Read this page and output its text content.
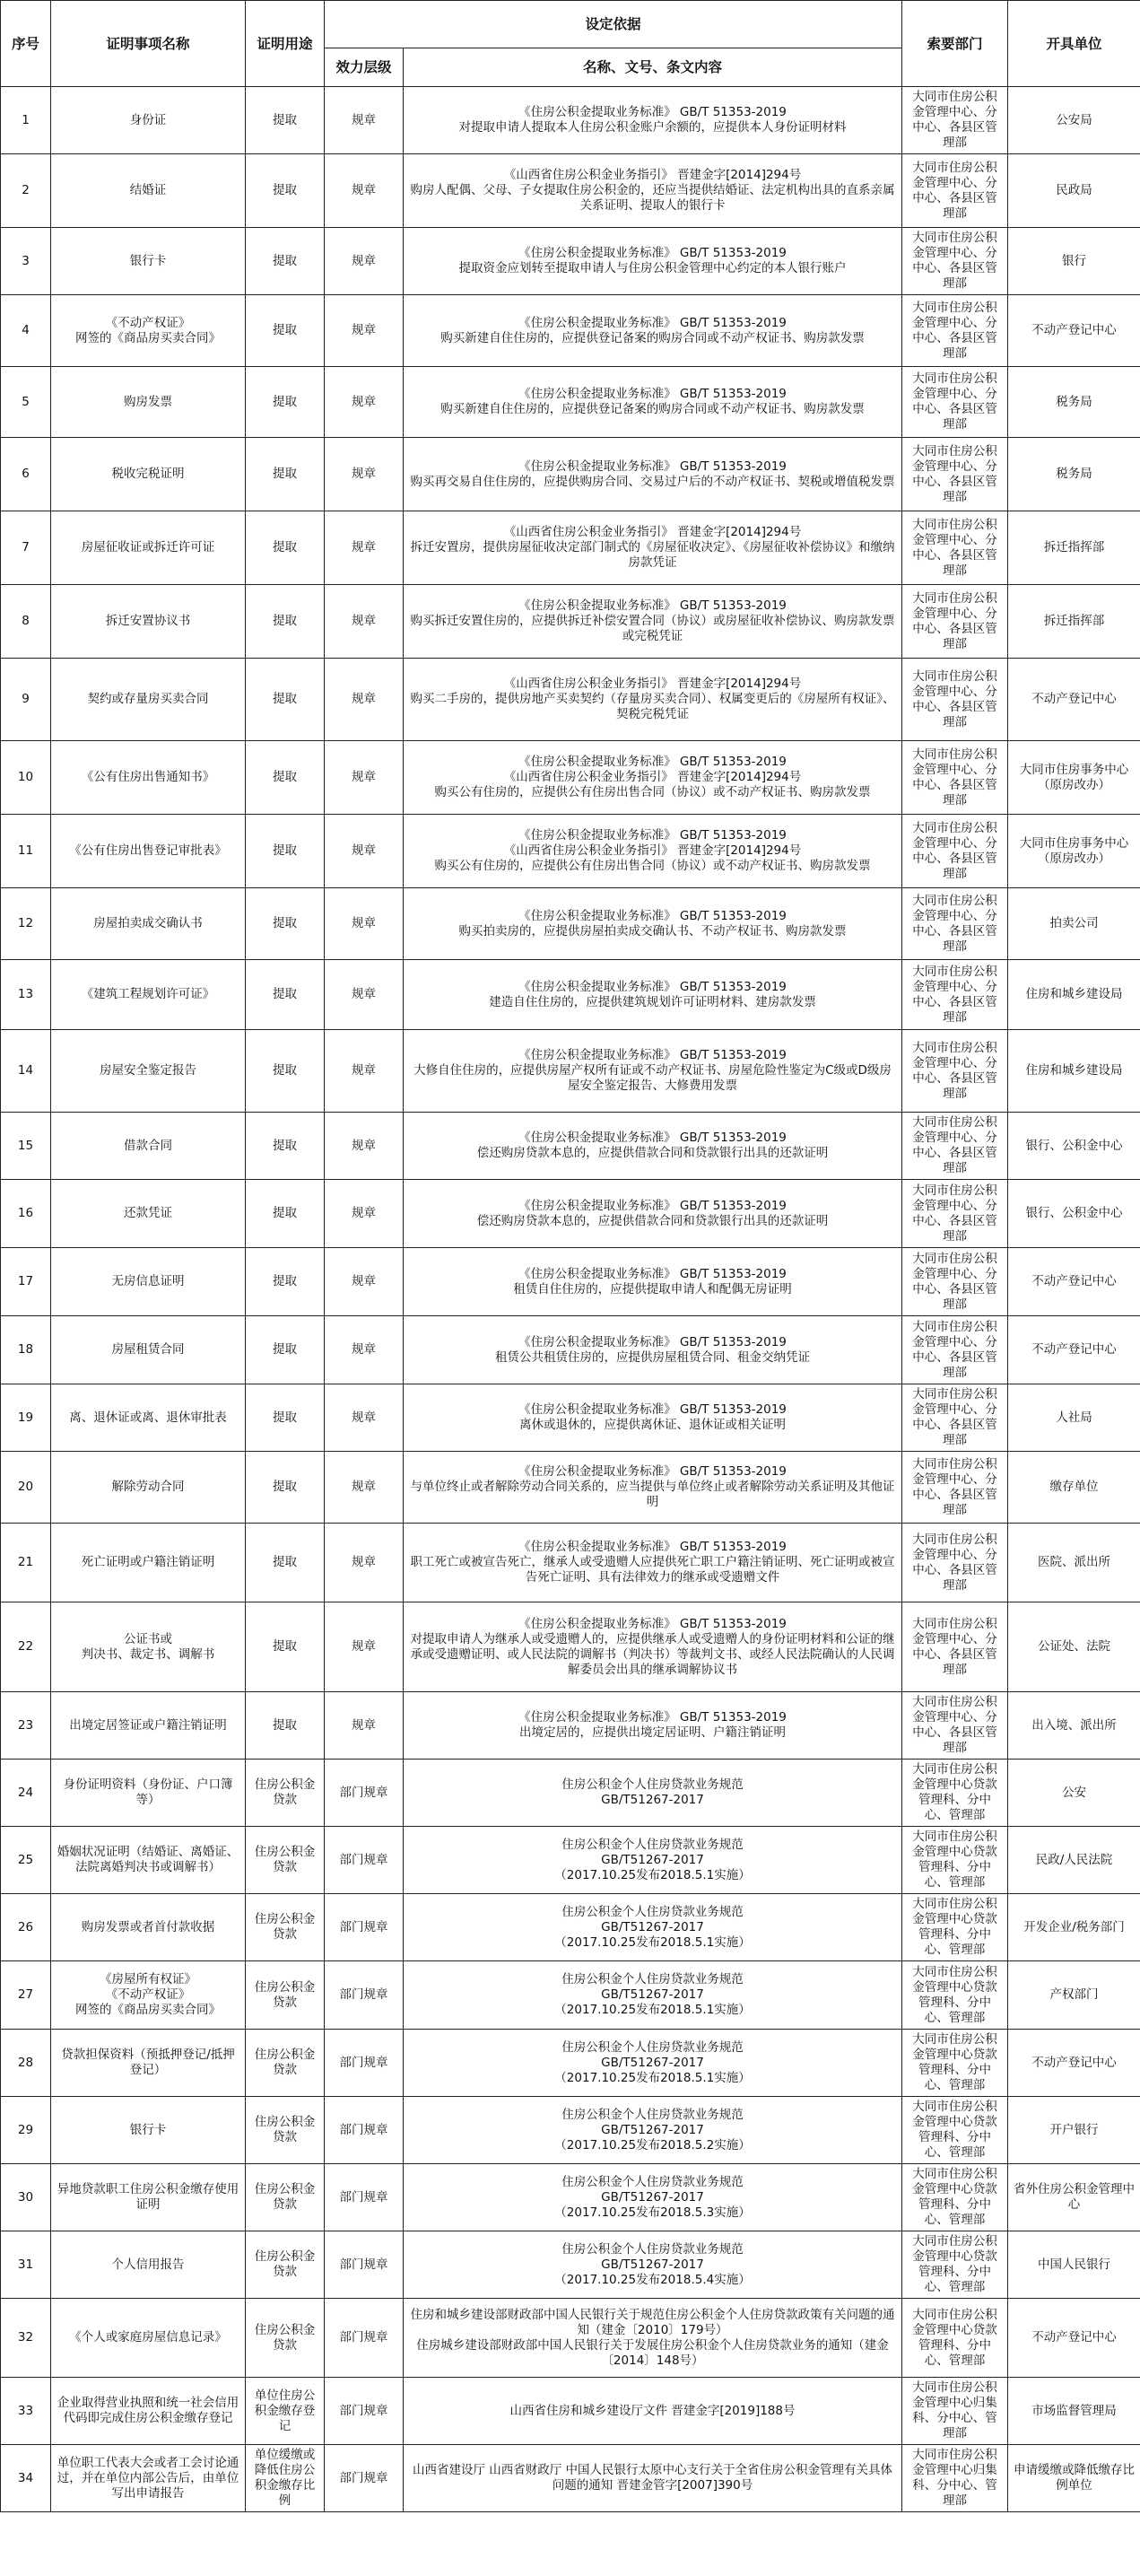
序号	证明事项名称	证明用途	设定依据		索要部门	开具单位
			效力层级	名称、文号、条文内容		
1	身份证	提取	规章	《住房公积金提取业务标准》 GB/T 51353-2019
对提取申请人提取本人住房公积金账户余额的，应提供本人身份证明材料	大同市住房公积金管理中心、分中心、各县区管理部	公安局
2	结婚证	提取	规章	《山西省住房公积金业务指引》 晋建金字[2014]294号
购房人配偶、父母、子女提取住房公积金的，还应当提供结婚证、法定机构出具的直系亲属关系证明、提取人的银行卡	大同市住房公积金管理中心、分中心、各县区管理部	民政局
3	银行卡	提取	规章	《住房公积金提取业务标准》 GB/T 51353-2019
提取资金应划转至提取申请人与住房公积金管理中心约定的本人银行账户	大同市住房公积金管理中心、分中心、各县区管理部	银行
4	《不动产权证》
网签的《商品房买卖合同》	提取	规章	《住房公积金提取业务标准》 GB/T 51353-2019
购买新建自住住房的，应提供登记备案的购房合同或不动产权证书、购房款发票	大同市住房公积金管理中心、分中心、各县区管理部	不动产登记中心
5	购房发票	提取	规章	《住房公积金提取业务标准》 GB/T 51353-2019
购买新建自住住房的，应提供登记备案的购房合同或不动产权证书、购房款发票	大同市住房公积金管理中心、分中心、各县区管理部	税务局
6	税收完税证明	提取	规章	《住房公积金提取业务标准》 GB/T 51353-2019
购买再交易自住住房的，应提供购房合同、交易过户后的不动产权证书、契税或增值税发票	大同市住房公积金管理中心、分中心、各县区管理部	税务局
7	房屋征收证或拆迁许可证	提取	规章	《山西省住房公积金业务指引》 晋建金字[2014]294号
拆迁安置房，提供房屋征收决定部门制式的《房屋征收决定》、《房屋征收补偿协议》和缴纳房款凭证	大同市住房公积金管理中心、分中心、各县区管理部	拆迁指挥部
8	拆迁安置协议书	提取	规章	《住房公积金提取业务标准》 GB/T 51353-2019
购买拆迁安置住房的，应提供拆迁补偿安置合同（协议）或房屋征收补偿协议、购房款发票或完税凭证	大同市住房公积金管理中心、分中心、各县区管理部	拆迁指挥部
9	契约或存量房买卖合同	提取	规章	《山西省住房公积金业务指引》 晋建金字[2014]294号
购买二手房的，提供房地产买卖契约（存量房买卖合同）、权属变更后的《房屋所有权证》、契税完税凭证	大同市住房公积金管理中心、分中心、各县区管理部	不动产登记中心
10	《公有住房出售通知书》	提取	规章	《住房公积金提取业务标准》 GB/T 51353-2019
《山西省住房公积金业务指引》 晋建金字[2014]294号
购买公有住房的，应提供公有住房出售合同（协议）或不动产权证书、购房款发票	大同市住房公积金管理中心、分中心、各县区管理部	大同市住房事务中心（原房改办）
11	《公有住房出售登记审批表》	提取	规章	《住房公积金提取业务标准》 GB/T 51353-2019
《山西省住房公积金业务指引》 晋建金字[2014]294号
购买公有住房的，应提供公有住房出售合同（协议）或不动产权证书、购房款发票	大同市住房公积金管理中心、分中心、各县区管理部	大同市住房事务中心（原房改办）
12	房屋拍卖成交确认书	提取	规章	《住房公积金提取业务标准》 GB/T 51353-2019
购买拍卖房的，应提供房屋拍卖成交确认书、不动产权证书、购房款发票	大同市住房公积金管理中心、分中心、各县区管理部	拍卖公司
13	《建筑工程规划许可证》	提取	规章	《住房公积金提取业务标准》 GB/T 51353-2019
建造自住住房的，应提供建筑规划许可证明材料、建房款发票	大同市住房公积金管理中心、分中心、各县区管理部	住房和城乡建设局
14	房屋安全鉴定报告	提取	规章	《住房公积金提取业务标准》 GB/T 51353-2019
大修自住住房的，应提供房屋产权所有证或不动产权证书、房屋危险性鉴定为C级或D级房屋安全鉴定报告、大修费用发票	大同市住房公积金管理中心、分中心、各县区管理部	住房和城乡建设局
15	借款合同	提取	规章	《住房公积金提取业务标准》 GB/T 51353-2019
偿还购房贷款本息的，应提供借款合同和贷款银行出具的还款证明	大同市住房公积金管理中心、分中心、各县区管理部	银行、公积金中心
16	还款凭证	提取	规章	《住房公积金提取业务标准》 GB/T 51353-2019
偿还购房贷款本息的，应提供借款合同和贷款银行出具的还款证明	大同市住房公积金管理中心、分中心、各县区管理部	银行、公积金中心
17	无房信息证明	提取	规章	《住房公积金提取业务标准》 GB/T 51353-2019
租赁自住住房的，应提供提取申请人和配偶无房证明	大同市住房公积金管理中心、分中心、各县区管理部	不动产登记中心
18	房屋租赁合同	提取	规章	《住房公积金提取业务标准》 GB/T 51353-2019
租赁公共租赁住房的，应提供房屋租赁合同、租金交纳凭证	大同市住房公积金管理中心、分中心、各县区管理部	不动产登记中心
19	离、退休证或离、退休审批表	提取	规章	《住房公积金提取业务标准》 GB/T 51353-2019
离休或退休的，应提供离休证、退休证或相关证明	大同市住房公积金管理中心、分中心、各县区管理部	人社局
20	解除劳动合同	提取	规章	《住房公积金提取业务标准》 GB/T 51353-2019
与单位终止或者解除劳动合同关系的，应当提供与单位终止或者解除劳动关系证明及其他证明	大同市住房公积金管理中心、分中心、各县区管理部	缴存单位
21	死亡证明或户籍注销证明	提取	规章	《住房公积金提取业务标准》 GB/T 51353-2019
职工死亡或被宣告死亡，继承人或受遗赠人应提供死亡职工户籍注销证明、死亡证明或被宣告死亡证明、具有法律效力的继承或受遗赠文件	大同市住房公积金管理中心、分中心、各县区管理部	医院、派出所
22	公证书或
判决书、裁定书、调解书	提取	规章	《住房公积金提取业务标准》 GB/T 51353-2019
对提取申请人为继承人或受遗赠人的，应提供继承人或受遗赠人的身份证明材料和公证的继承或受遗赠证明、或人民法院的调解书（判决书）等裁判文书、或经人民法院确认的人民调解委员会出具的继承调解协议书	大同市住房公积金管理中心、分中心、各县区管理部	公证处、法院
23	出境定居签证或户籍注销证明	提取	规章	《住房公积金提取业务标准》 GB/T 51353-2019
出境定居的，应提供出境定居证明、户籍注销证明	大同市住房公积金管理中心、分中心、各县区管理部	出入境、派出所
24	身份证明资料（身份证、户口簿等）	住房公积金贷款	部门规章	住房公积金个人住房贷款业务规范
GB/T51267-2017	大同市住房公积金管理中心贷款管理科、分中心、管理部	公安
25	婚姻状况证明（结婚证、离婚证、法院离婚判决书或调解书）	住房公积金贷款	部门规章	住房公积金个人住房贷款业务规范
GB/T51267-2017
（2017.10.25发布2018.5.1实施）	大同市住房公积金管理中心贷款管理科、分中心、管理部	民政/人民法院
26	购房发票或者首付款收据	住房公积金贷款	部门规章	住房公积金个人住房贷款业务规范
GB/T51267-2017
（2017.10.25发布2018.5.1实施）	大同市住房公积金管理中心贷款管理科、分中心、管理部	开发企业/税务部门
27	《房屋所有权证》
《不动产权证》
网签的《商品房买卖合同》	住房公积金贷款	部门规章	住房公积金个人住房贷款业务规范
GB/T51267-2017
（2017.10.25发布2018.5.1实施）	大同市住房公积金管理中心贷款管理科、分中心、管理部	产权部门
28	贷款担保资料（预抵押登记/抵押登记）	住房公积金贷款	部门规章	住房公积金个人住房贷款业务规范
GB/T51267-2017
（2017.10.25发布2018.5.1实施）	大同市住房公积金管理中心贷款管理科、分中心、管理部	不动产登记中心
29	银行卡	住房公积金贷款	部门规章	住房公积金个人住房贷款业务规范
GB/T51267-2017
（2017.10.25发布2018.5.2实施）	大同市住房公积金管理中心贷款管理科、分中心、管理部	开户银行
30	异地贷款职工住房公积金缴存使用证明	住房公积金贷款	部门规章	住房公积金个人住房贷款业务规范
GB/T51267-2017
（2017.10.25发布2018.5.3实施）	大同市住房公积金管理中心贷款管理科、分中心、管理部	省外住房公积金管理中心
31	个人信用报告	住房公积金贷款	部门规章	住房公积金个人住房贷款业务规范
GB/T51267-2017
（2017.10.25发布2018.5.4实施）	大同市住房公积金管理中心贷款管理科、分中心、管理部	中国人民银行
32	《个人或家庭房屋信息记录》	住房公积金贷款	部门规章	住房和城乡建设部财政部中国人民银行关于规范住房公积金个人住房贷款政策有关问题的通知（建金〔2010〕179号）
住房城乡建设部财政部中国人民银行关于发展住房公积金个人住房贷款业务的通知（建金〔2014〕148号）	大同市住房公积金管理中心贷款管理科、分中心、管理部	不动产登记中心
33	企业取得营业执照和统一社会信用代码即完成住房公积金缴存登记	单位住房公积金缴存登记	部门规章	山西省住房和城乡建设厅文件 晋建金字[2019]188号	大同市住房公积金管理中心归集科、分中心、管理部	市场监督管理局
34	单位职工代表大会或者工会讨论通过，并在单位内部公告后，由单位写出申请报告	单位缓缴或降低住房公积金缴存比例	部门规章	山西省建设厅 山西省财政厅 中国人民银行太原中心支行关于全省住房公积金管理有关具体问题的通知 晋建金管字[2007]390号	大同市住房公积金管理中心归集科、分中心、管理部	申请缓缴或降低缴存比例单位
